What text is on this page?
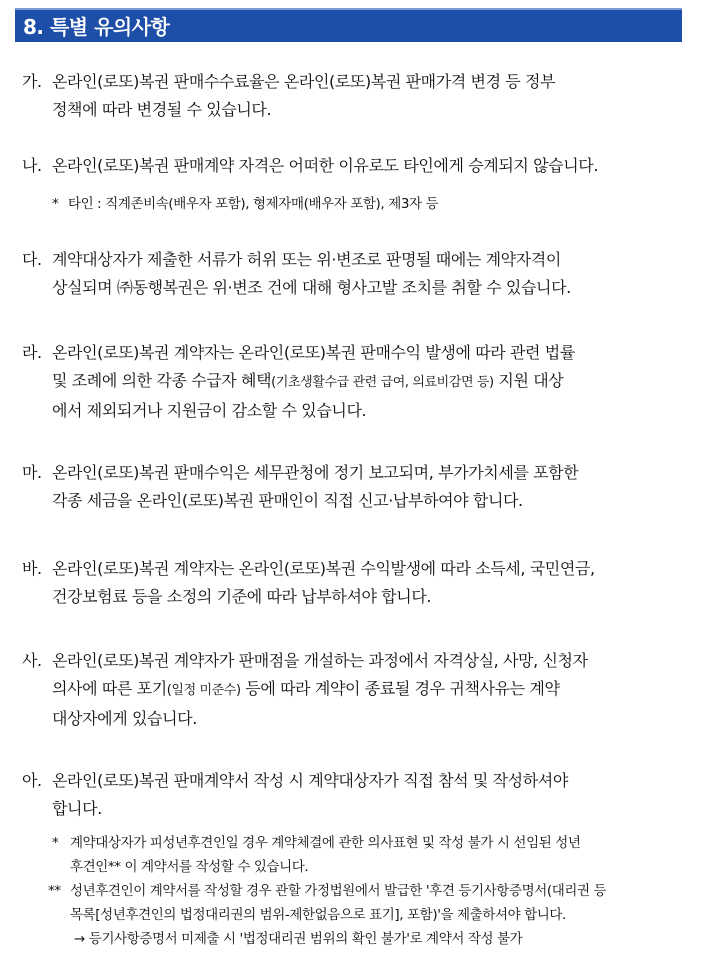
8. 특별 유의사항
가. 온라인(로또)복권 판매수수료율은 온라인(로또)복권 판매가격 변경 등 정부
정책에 따라 변경될 수 있습니다.
나. 온라인(로또)복권 판매계약 자격은 어떠한 이유로도 타인에게 승계되지 않습니다.
* 타인 : 직계존비속(배우자 포함), 형제자매(배우자 포함), 제3자 등
다. 계약대상자가 제출한 서류가 허위 또는 위·변조로 판명될 때에는 계약자격이
상실되며 ㈜동행복권은 위·변조 건에 대해 형사고발 조치를 취할 수 있습니다.
라. 온라인(로또)복권 계약자는 온라인(로또)복권 판매수익 발생에 따라 관련 법률
및 조례에 의한 각종 수급자 혜택(기초생활수급 관련 급여, 의료비감면 등) 지원 대상
에서 제외되거나 지원금이 감소할 수 있습니다.
마. 온라인(로또)복권 판매수익은 세무관청에 정기 보고되며, 부가가치세를 포함한
각종 세금을 온라인(로또)복권 판매인이 직접 신고·납부하여야 합니다.
바. 온라인(로또)복권 계약자는 온라인(로또)복권 수익발생에 따라 소득세, 국민연금,
건강보험료 등을 소정의 기준에 따라 납부하셔야 합니다.
사. 온라인(로또)복권 계약자가 판매점을 개설하는 과정에서 자격상실, 사망, 신청자
의사에 따른 포기(일정 미준수) 등에 따라 계약이 종료될 경우 귀책사유는 계약
대상자에게 있습니다.
아. 온라인(로또)복권 판매계약서 작성 시 계약대상자가 직접 참석 및 작성하셔야
합니다.
* 계약대상자가 피성년후견인일 경우 계약체결에 관한 의사표현 및 작성 불가 시 선임된 성년
후견인** 이 계약서를 작성할 수 있습니다.
** 성년후견인이 계약서를 작성할 경우 관할 가정법원에서 발급한 '후견 등기사항증명서(대리권 등
목록[성년후견인의 법정대리권의 범위-제한없음으로 표기], 포함)'을 제출하셔야 합니다.
→ 등기사항증명서 미제출 시 '법정대리권 범위의 확인 불가'로 계약서 작성 불가
